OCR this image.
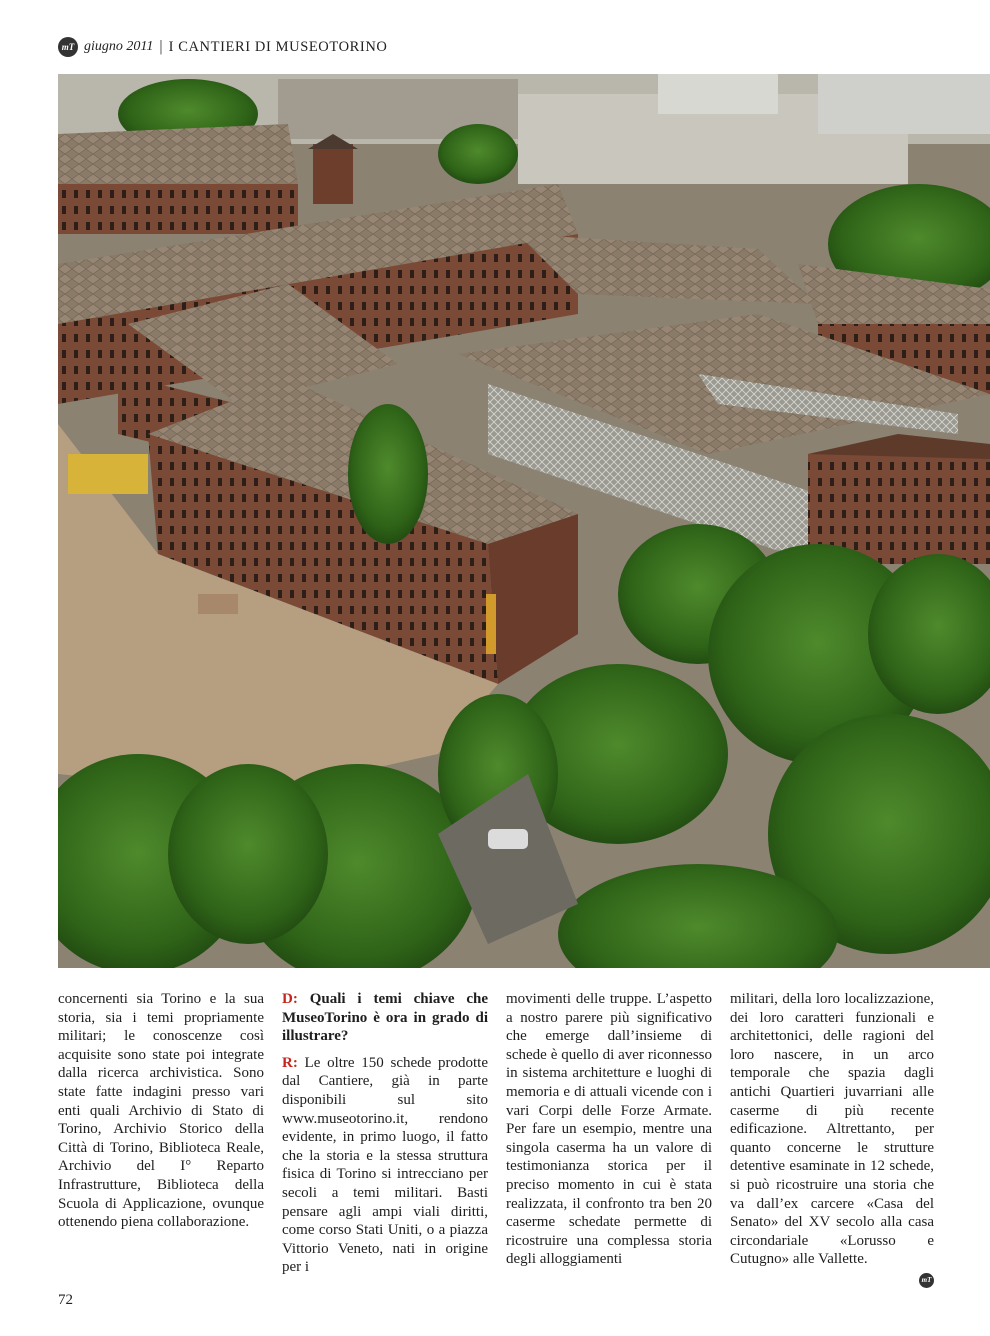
mT giugno 2011 | I CANTIERI DI MUSEOTORINO

concernenti sia Torino e la sua storia, sia i temi propriamente militari; le conoscenze così acquisite sono state poi integrate dalla ricerca archivistica. Sono state fatte indagini presso vari enti quali Archivio di Stato di Torino, Archivio Storico della Città di Torino, Biblioteca Reale, Archivio del I° Reparto Infrastrutture, Biblioteca della Scuola di Applicazione, ovunque ottenendo piena collaborazione.

D: Quali i temi chiave che MuseoTorino è ora in grado di illustrare?

R: Le oltre 150 schede prodotte dal Cantiere, già in parte disponibili sul sito www.museotorino.it, rendono evidente, in primo luogo, il fatto che la storia e la stessa struttura fisica di Torino si intrecciano per secoli a temi militari. Basti pensare agli ampi viali diritti, come corso Stati Uniti, o a piazza Vittorio Veneto, nati in origine per i

movimenti delle truppe. L’aspetto a nostro parere più significativo che emerge dall’insieme di schede è quello di aver riconnesso in sistema architetture e luoghi di memoria e di attuali vicende con i vari Corpi delle Forze Armate. Per fare un esempio, mentre una singola caserma ha un valore di testimonianza storica per il preciso momento in cui è stata realizzata, il confronto tra ben 20 caserme schedate permette di ricostruire una complessa storia degli alloggiamenti

militari, della loro localizzazione, dei loro caratteri funzionali e architettonici, delle ragioni del loro nascere, in un arco temporale che spazia dagli antichi Quartieri juvarriani alle caserme di più recente edificazione. Altrettanto, per quanto concerne le strutture detentive esaminate in 12 schede, si può ricostruire una storia che va dall’ex carcere «Casa del Senato» del XV secolo alla casa circondariale «Lorusso e Cutugno» alle Vallette.

mT
72
